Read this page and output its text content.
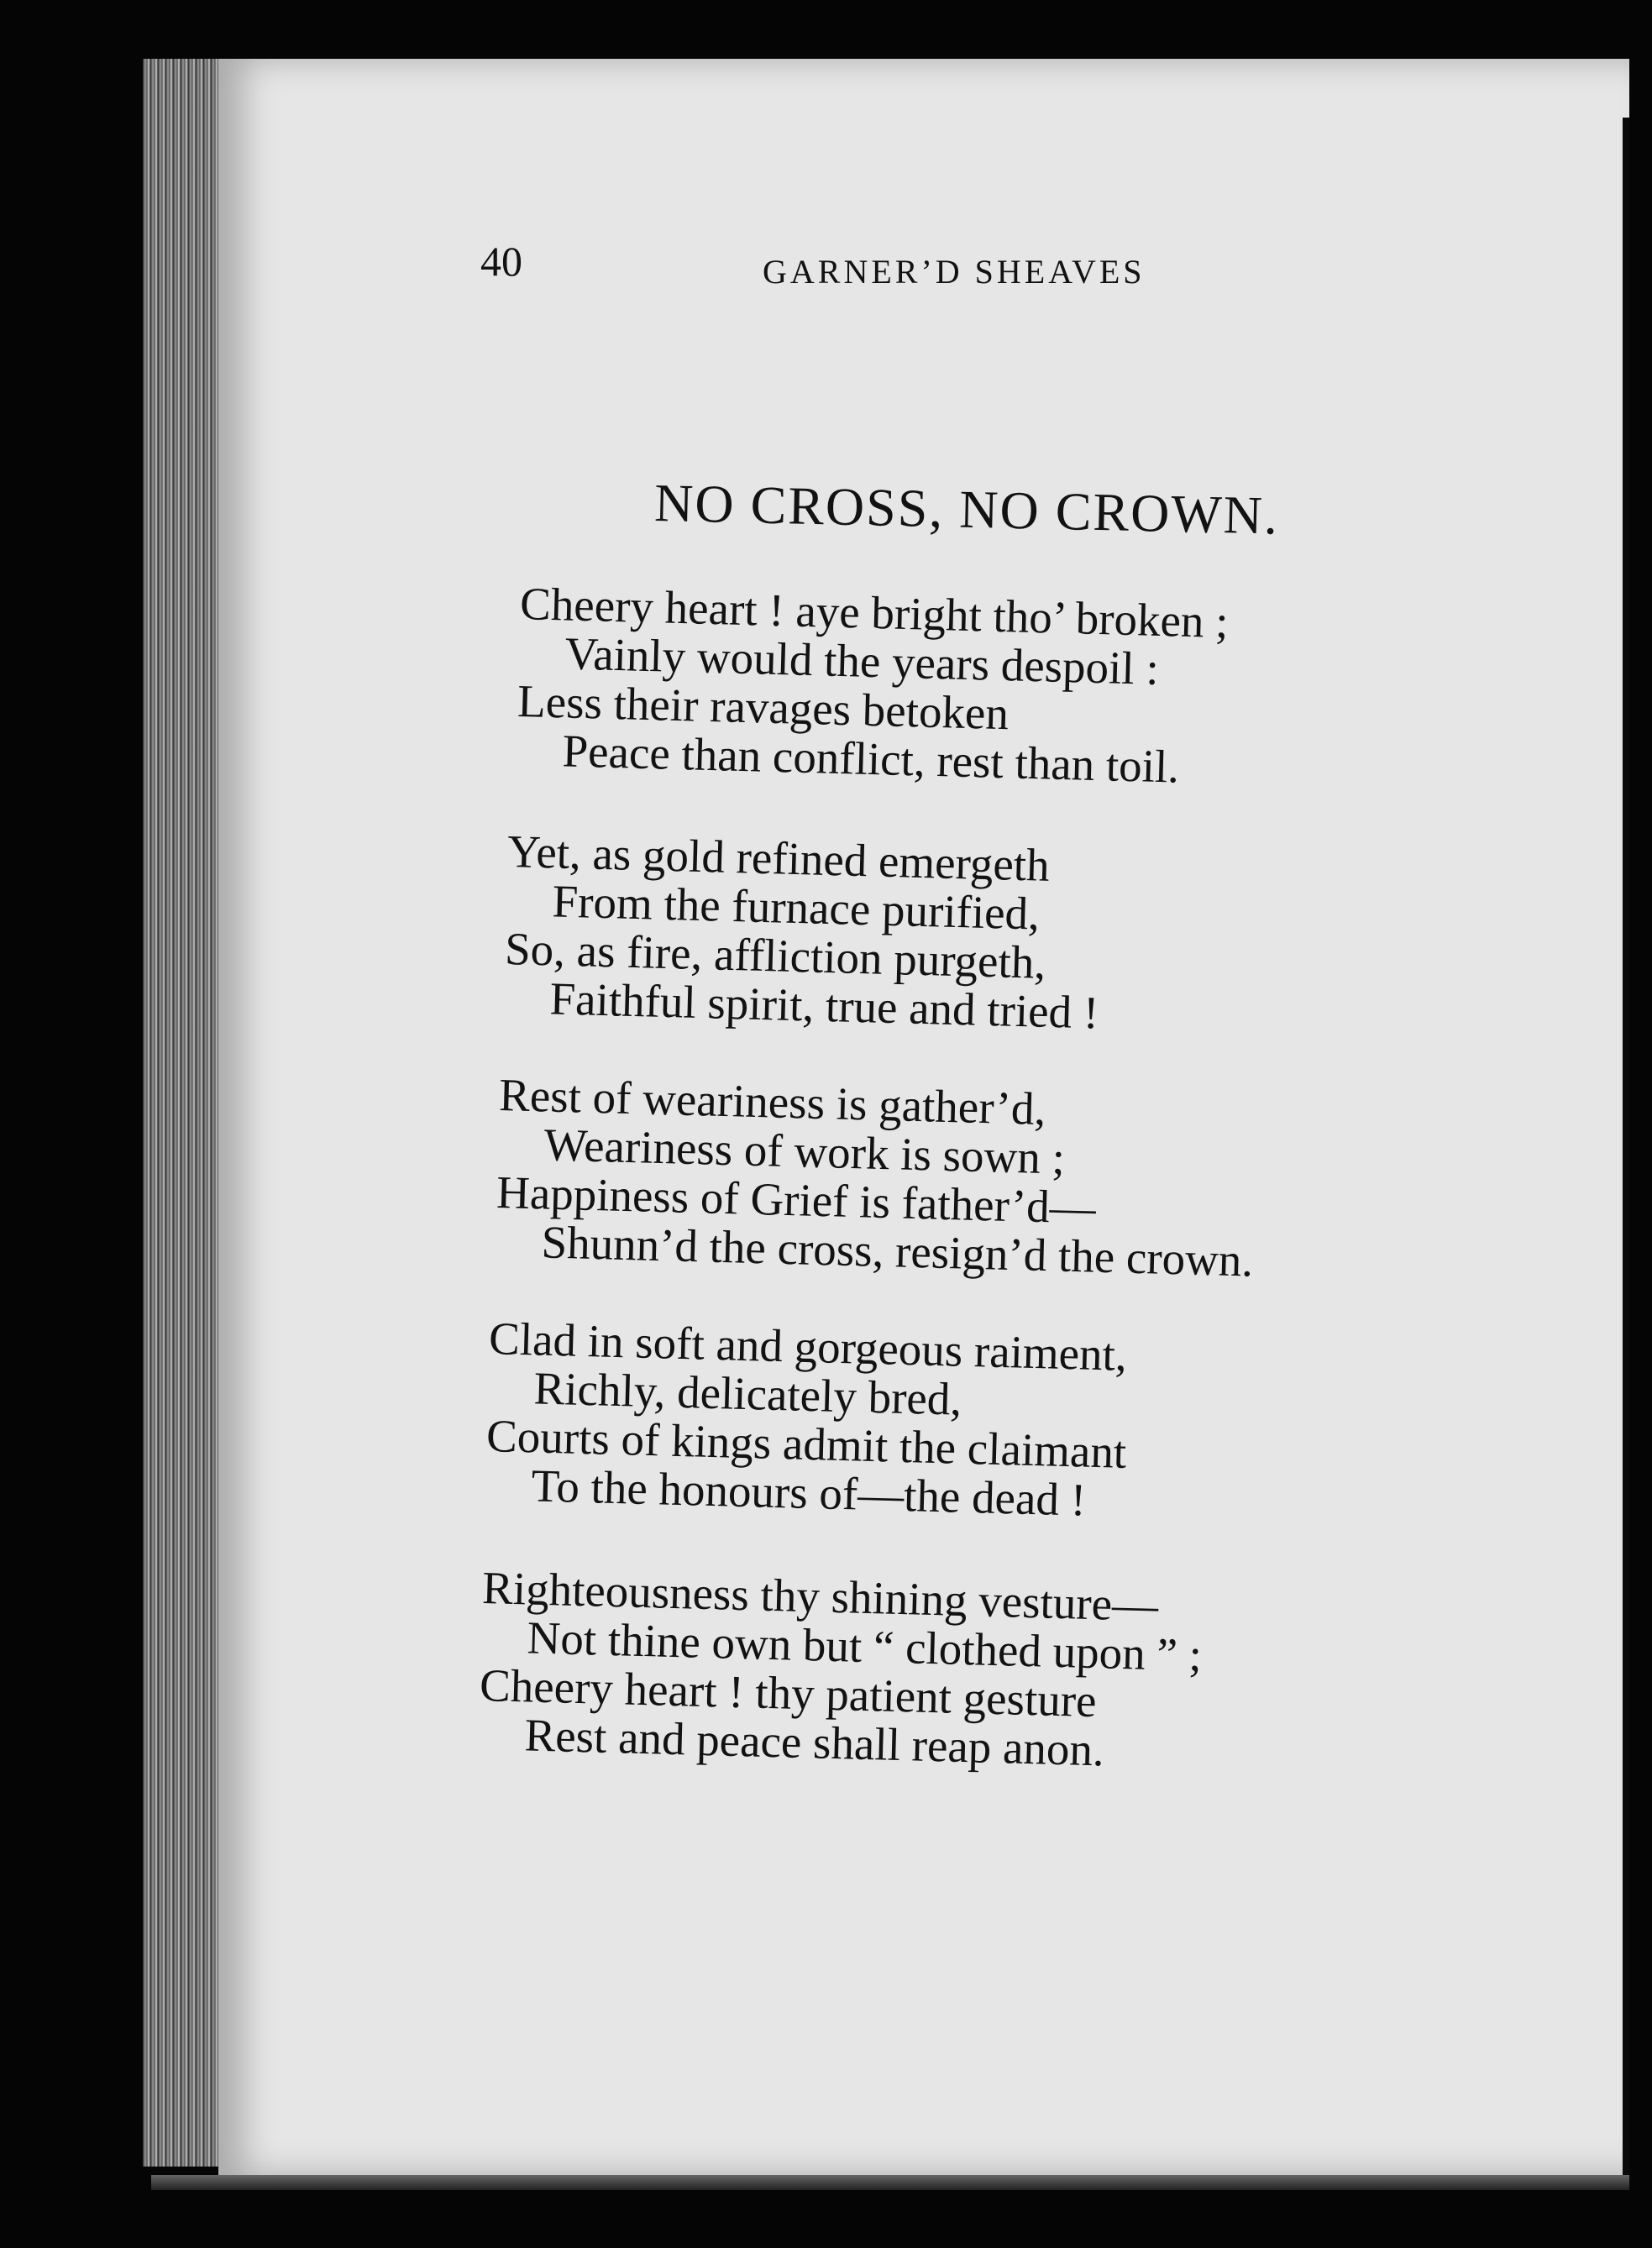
40	GARNER’D SHEAVES
NO CROSS, NO CROWN.
Cheery heart ! aye bright tho’ broken ;
Vainly would the years despoil :
Less their ravages betoken
Peace than conflict, rest than toil.
Yet, as gold refined emergeth
From the furnace purified,
So, as fire, affliction purgeth,
Faithful spirit, true and tried !
Rest of weariness is gather’d,
Weariness of work is sown ;
Happiness of Grief is father’d—
Shunn’d the cross, resign’d the crown.
Clad in soft and gorgeous raiment,
Richly, delicately bred,
Courts of kings admit the claimant
To the honours of—the dead !
Righteousness thy shining vesture—
Not thine own but “ clothed upon ” ;
Cheery heart ! thy patient gesture
Rest and peace shall reap anon.
